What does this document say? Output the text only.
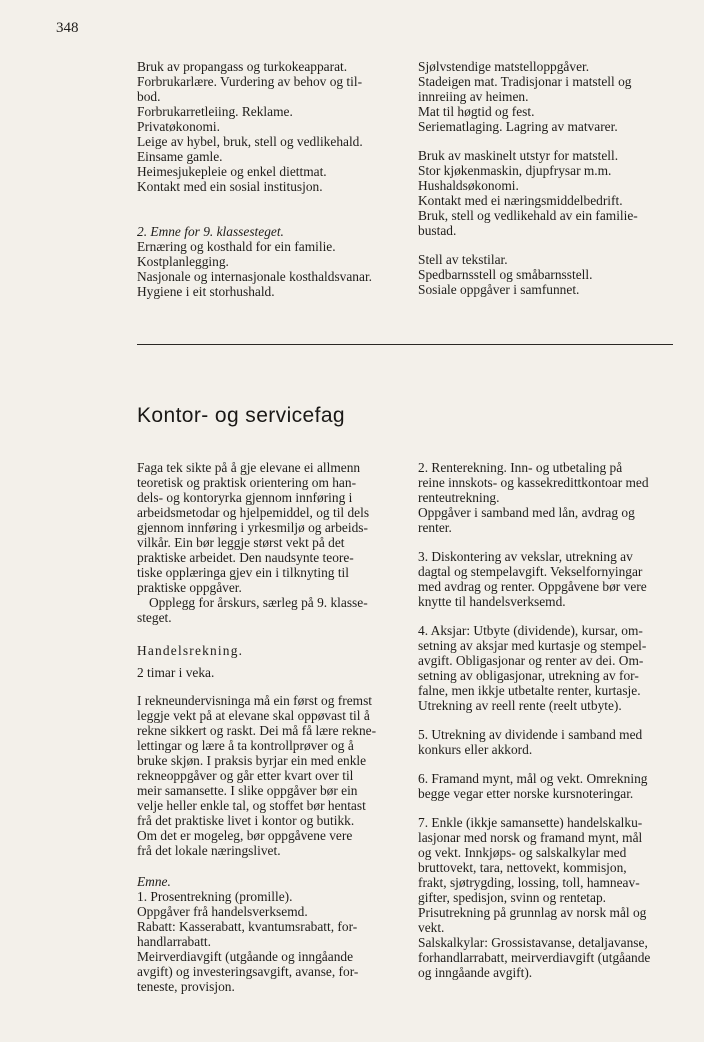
348
Bruk av propangass og turkokeapparat.
Forbrukarlære. Vurdering av behov og til-
bod.
Forbrukarretleiing. Reklame.
Privatøkonomi.
Leige av hybel, bruk, stell og vedlikehald.
Einsame gamle.
Heimesjukepleie og enkel diettmat.
Kontakt med ein sosial institusjon.
2. Emne for 9. klassesteget.
Ernæring og kosthald for ein familie.
Kostplanlegging.
Nasjonale og internasjonale kosthaldsvanar.
Hygiene i eit storhushald.
Sjølvstendige matstelloppgåver.
Stadeigen mat. Tradisjonar i matstell og
innreiing av heimen.
Mat til høgtid og fest.
Seriematlaging. Lagring av matvarer.
Bruk av maskinelt utstyr for matstell.
Stor kjøkenmaskin, djupfrysar m.m.
Hushaldsøkonomi.
Kontakt med ei næringsmiddelbedrift.
Bruk, stell og vedlikehald av ein familie-
bustad.
Stell av tekstilar.
Spedbarnsstell og småbarnsstell.
Sosiale oppgåver i samfunnet.
Kontor- og servicefag
Faga tek sikte på å gje elevane ei allmenn
teoretisk og praktisk orientering om han-
dels- og kontoryrka gjennom innføring i
arbeidsmetodar og hjelpemiddel, og til dels
gjennom innføring i yrkesmiljø og arbeids-
vilkår. Ein bør leggje størst vekt på det
praktiske arbeidet. Den naudsynte teore-
tiske opplæringa gjev ein i tilknyting til
praktiske oppgåver.
Opplegg for årskurs, særleg på 9. klasse-
steget.
Handelsrekning.
2 timar i veka.
I rekneundervisninga må ein først og fremst
leggje vekt på at elevane skal oppøvast til å
rekne sikkert og raskt. Dei må få lære rekne-
lettingar og lære å ta kontrollprøver og å
bruke skjøn. I praksis byrjar ein med enkle
rekneoppgåver og går etter kvart over til
meir samansette. I slike oppgåver bør ein
velje heller enkle tal, og stoffet bør hentast
frå det praktiske livet i kontor og butikk.
Om det er mogeleg, bør oppgåvene vere
frå det lokale næringslivet.
Emne.
1. Prosentrekning (promille).
Oppgåver frå handelsverksemd.
Rabatt: Kasserabatt, kvantumsrabatt, for-
handlarrabatt.
Meirverdiavgift (utgåande og inngåande
avgift) og investeringsavgift, avanse, for-
teneste, provisjon.
2. Renterekning. Inn- og utbetaling på
reine innskots- og kassekredittkontoar med
renteutrekning.
Oppgåver i samband med lån, avdrag og
renter.
3. Diskontering av vekslar, utrekning av
dagtal og stempelavgift. Vekselfornyingar
med avdrag og renter. Oppgåvene bør vere
knytte til handelsverksemd.
4. Aksjar: Utbyte (dividende), kursar, om-
setning av aksjar med kurtasje og stempel-
avgift. Obligasjonar og renter av dei. Om-
setning av obligasjonar, utrekning av for-
falne, men ikkje utbetalte renter, kurtasje.
Utrekning av reell rente (reelt utbyte).
5. Utrekning av dividende i samband med
konkurs eller akkord.
6. Framand mynt, mål og vekt. Omrekning
begge vegar etter norske kursnoteringar.
7. Enkle (ikkje samansette) handelskalku-
lasjonar med norsk og framand mynt, mål
og vekt. Innkjøps- og salskalkylar med
bruttovekt, tara, nettovekt, kommisjon,
frakt, sjøtrygding, lossing, toll, hamneav-
gifter, spedisjon, svinn og rentetap.
Prisutrekning på grunnlag av norsk mål og
vekt.
Salskalkylar: Grossistavanse, detaljavanse,
forhandlarrabatt, meirverdiavgift (utgåande
og inngåande avgift).
